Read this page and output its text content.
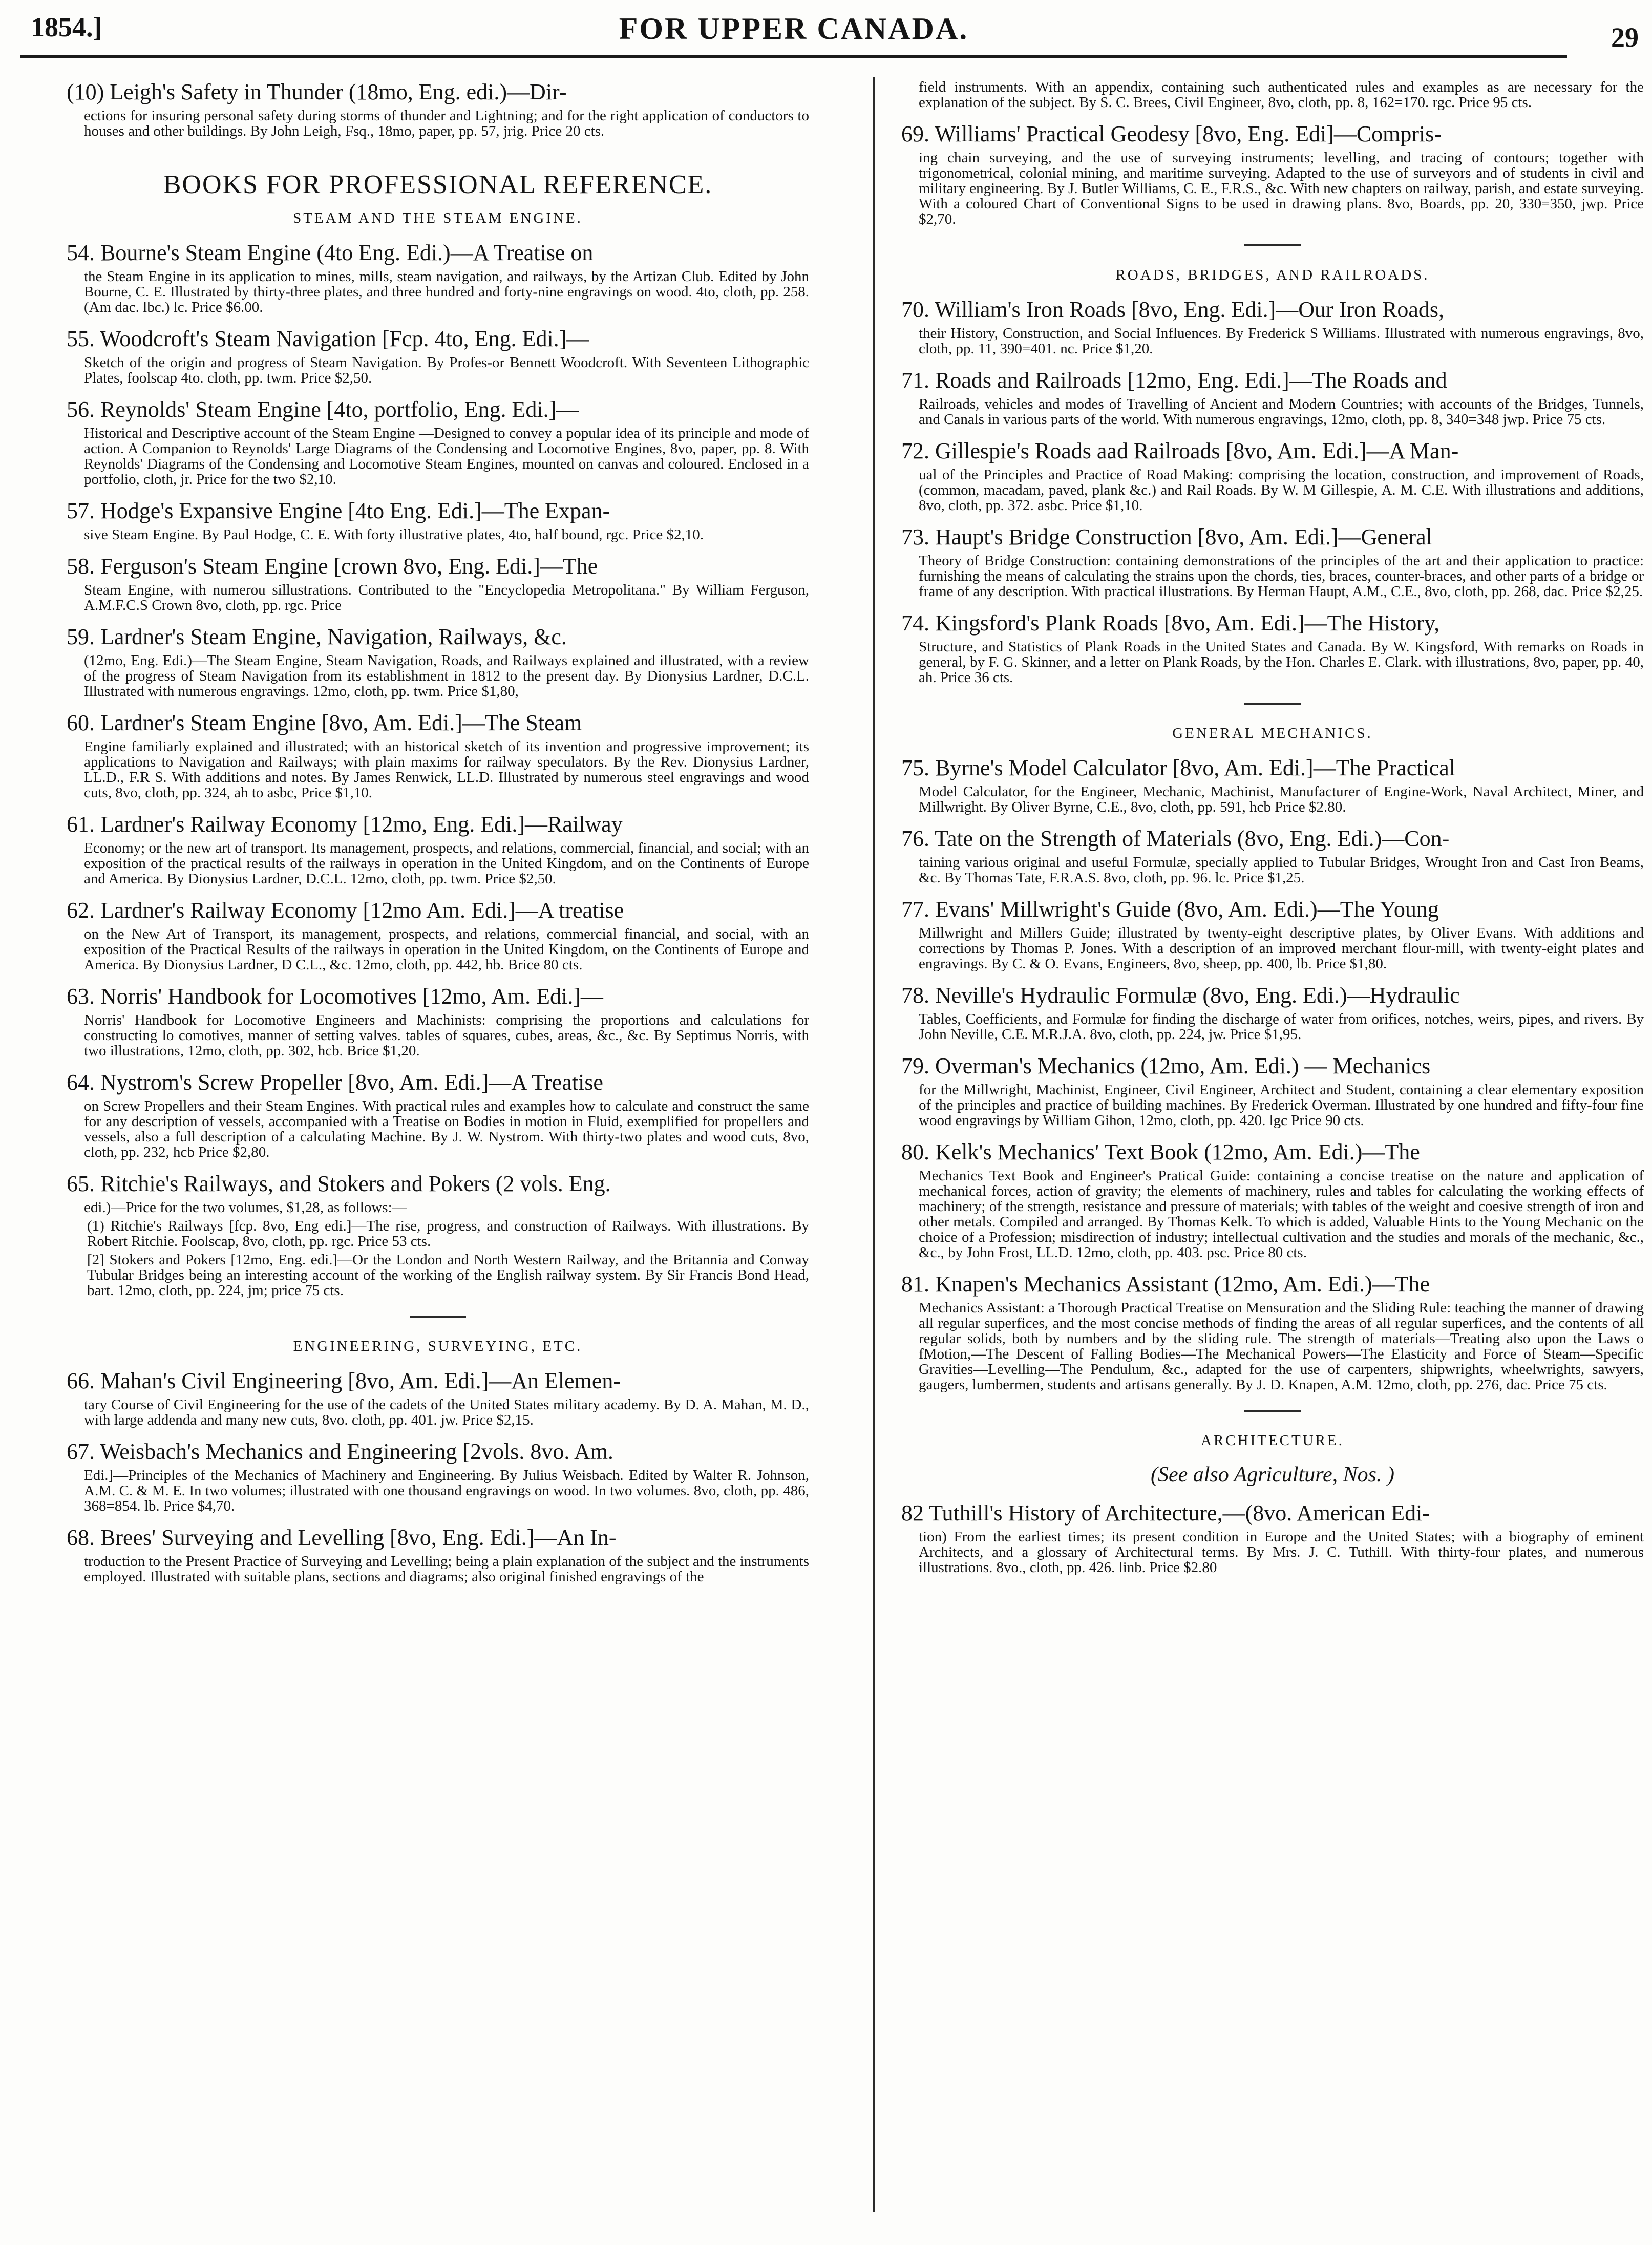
1854.]	FOR UPPER CANADA.	29
(10) Leigh's Safety in Thunder (18mo, Eng. edi.)—Dir-

ections for insuring personal safety during storms of thunder and Lightning; and for the right application of conductors to houses and other buildings. By John Leigh, Fsq., 18mo, paper, pp. 57, jrig. Price 20 cts.

BOOKS FOR PROFESSIONAL REFERENCE.
STEAM AND THE STEAM ENGINE.
54. Bourne's Steam Engine (4to Eng. Edi.)—A Treatise on

the Steam Engine in its application to mines, mills, steam navigation, and railways, by the Artizan Club. Edited by John Bourne, C. E. Illustrated by thirty-three plates, and three hundred and forty-nine engravings on wood. 4to, cloth, pp. 258. (Am dac. lbc.) lc. Price $6.00.

55. Woodcroft's Steam Navigation [Fcp. 4to, Eng. Edi.]—

Sketch of the origin and progress of Steam Navigation. By Profes-or Bennett Woodcroft. With Seventeen Lithographic Plates, foolscap 4to. cloth, pp. twm. Price $2,50.

56. Reynolds' Steam Engine [4to, portfolio, Eng. Edi.]—

Historical and Descriptive account of the Steam Engine —Designed to convey a popular idea of its principle and mode of action. A Companion to Reynolds' Large Diagrams of the Condensing and Locomotive Engines, 8vo, paper, pp. 8. With Reynolds' Diagrams of the Condensing and Locomotive Steam Engines, mounted on canvas and coloured. Enclosed in a portfolio, cloth, jr. Price for the two $2,10.

57. Hodge's Expansive Engine [4to Eng. Edi.]—The Expan-

sive Steam Engine. By Paul Hodge, C. E. With forty illustrative plates, 4to, half bound, rgc. Price $2,10.

58. Ferguson's Steam Engine [crown 8vo, Eng. Edi.]—The

Steam Engine, with numerou sillustrations. Contributed to the "Encyclopedia Metropolitana." By William Ferguson, A.M.F.C.S Crown 8vo, cloth, pp. rgc. Price

59. Lardner's Steam Engine, Navigation, Railways, &c.

(12mo, Eng. Edi.)—The Steam Engine, Steam Navigation, Roads, and Railways explained and illustrated, with a review of the progress of Steam Navigation from its establishment in 1812 to the present day. By Dionysius Lardner, D.C.L. Illustrated with numerous engravings. 12mo, cloth, pp. twm. Price $1,80,

60. Lardner's Steam Engine [8vo, Am. Edi.]—The Steam

Engine familiarly explained and illustrated; with an historical sketch of its invention and progressive improvement; its applications to Navigation and Railways; with plain maxims for railway speculators. By the Rev. Dionysius Lardner, LL.D., F.R S. With additions and notes. By James Renwick, LL.D. Illustrated by numerous steel engravings and wood cuts, 8vo, cloth, pp. 324, ah to asbc, Price $1,10.

61. Lardner's Railway Economy [12mo, Eng. Edi.]—Railway

Economy; or the new art of transport. Its management, prospects, and relations, commercial, financial, and social; with an exposition of the practical results of the railways in operation in the United Kingdom, and on the Continents of Europe and America. By Dionysius Lardner, D.C.L. 12mo, cloth, pp. twm. Price $2,50.

62. Lardner's Railway Economy [12mo Am. Edi.]—A treatise

on the New Art of Transport, its management, prospects, and relations, commercial financial, and social, with an exposition of the Practical Results of the railways in operation in the United Kingdom, on the Continents of Europe and America. By Dionysius Lardner, D C.L., &c. 12mo, cloth, pp. 442, hb. Brice 80 cts.

63. Norris' Handbook for Locomotives [12mo, Am. Edi.]—

Norris' Handbook for Locomotive Engineers and Machinists: comprising the proportions and calculations for constructing lo comotives, manner of setting valves. tables of squares, cubes, areas, &c., &c. By Septimus Norris, with two illustrations, 12mo, cloth, pp. 302, hcb. Brice $1,20.

64. Nystrom's Screw Propeller [8vo, Am. Edi.]—A Treatise

on Screw Propellers and their Steam Engines. With practical rules and examples how to calculate and construct the same for any description of vessels, accompanied with a Treatise on Bodies in motion in Fluid, exemplified for propellers and vessels, also a full description of a calculating Machine. By J. W. Nystrom. With thirty-two plates and wood cuts, 8vo, cloth, pp. 232, hcb Price $2,80.

65. Ritchie's Railways, and Stokers and Pokers (2 vols. Eng.

edi.)—Price for the two volumes, $1,28, as follows:—

(1) Ritchie's Railways [fcp. 8vo, Eng edi.]—The rise, progress, and construction of Railways. With illustrations. By Robert Ritchie. Foolscap, 8vo, cloth, pp. rgc. Price 53 cts.

[2] Stokers and Pokers [12mo, Eng. edi.]—Or the London and North Western Railway, and the Britannia and Conway Tubular Bridges being an interesting account of the working of the English railway system. By Sir Francis Bond Head, bart. 12mo, cloth, pp. 224, jm; price 75 cts.

ENGINEERING, SURVEYING, ETC.
66. Mahan's Civil Engineering [8vo, Am. Edi.]—An Elemen-

tary Course of Civil Engineering for the use of the cadets of the United States military academy. By D. A. Mahan, M. D., with large addenda and many new cuts, 8vo. cloth, pp. 401. jw. Price $2,15.

67. Weisbach's Mechanics and Engineering [2vols. 8vo. Am.

Edi.]—Principles of the Mechanics of Machinery and Engineering. By Julius Weisbach. Edited by Walter R. Johnson, A.M. C. & M. E. In two volumes; illustrated with one thousand engravings on wood. In two volumes. 8vo, cloth, pp. 486, 368=854. lb. Price $4,70.

68. Brees' Surveying and Levelling [8vo, Eng. Edi.]—An In-

troduction to the Present Practice of Surveying and Levelling; being a plain explanation of the subject and the instruments employed. Illustrated with suitable plans, sections and diagrams; also original finished engravings of the

field instruments. With an appendix, containing such authenticated rules and examples as are necessary for the explanation of the subject. By S. C. Brees, Civil Engineer, 8vo, cloth, pp. 8, 162=170. rgc. Price 95 cts.
69. Williams' Practical Geodesy [8vo, Eng. Edi]—Compris-

ing chain surveying, and the use of surveying instruments; levelling, and tracing of contours; together with trigonometrical, colonial mining, and maritime surveying. Adapted to the use of surveyors and of students in civil and military engineering. By J. Butler Williams, C. E., F.R.S., &c. With new chapters on railway, parish, and estate surveying. With a coloured Chart of Conventional Signs to be used in drawing plans. 8vo, Boards, pp. 20, 330=350, jwp. Price $2,70.

ROADS, BRIDGES, AND RAILROADS.
70. William's Iron Roads [8vo, Eng. Edi.]—Our Iron Roads,

their History, Construction, and Social Influences. By Frederick S Williams. Illustrated with numerous engravings, 8vo, cloth, pp. 11, 390=401. nc. Price $1,20.

71. Roads and Railroads [12mo, Eng. Edi.]—The Roads and

Railroads, vehicles and modes of Travelling of Ancient and Modern Countries; with accounts of the Bridges, Tunnels, and Canals in various parts of the world. With numerous engravings, 12mo, cloth, pp. 8, 340=348 jwp. Price 75 cts.

72. Gillespie's Roads aad Railroads [8vo, Am. Edi.]—A Man-

ual of the Principles and Practice of Road Making: comprising the location, construction, and improvement of Roads, (common, macadam, paved, plank &c.) and Rail Roads. By W. M Gillespie, A. M. C.E. With illustrations and additions, 8vo, cloth, pp. 372. asbc. Price $1,10.

73. Haupt's Bridge Construction [8vo, Am. Edi.]—General

Theory of Bridge Construction: containing demonstrations of the principles of the art and their application to practice: furnishing the means of calculating the strains upon the chords, ties, braces, counter-braces, and other parts of a bridge or frame of any description. With practical illustrations. By Herman Haupt, A.M., C.E., 8vo, cloth, pp. 268, dac. Price $2,25.

74. Kingsford's Plank Roads [8vo, Am. Edi.]—The History,

Structure, and Statistics of Plank Roads in the United States and Canada. By W. Kingsford, With remarks on Roads in general, by F. G. Skinner, and a letter on Plank Roads, by the Hon. Charles E. Clark. with illustrations, 8vo, paper, pp. 40, ah. Price 36 cts.

GENERAL MECHANICS.
75. Byrne's Model Calculator [8vo, Am. Edi.]—The Practical

Model Calculator, for the Engineer, Mechanic, Machinist, Manufacturer of Engine-Work, Naval Architect, Miner, and Millwright. By Oliver Byrne, C.E., 8vo, cloth, pp. 591, hcb Price $2.80.

76. Tate on the Strength of Materials (8vo, Eng. Edi.)—Con-

taining various original and useful Formulæ, specially applied to Tubular Bridges, Wrought Iron and Cast Iron Beams, &c. By Thomas Tate, F.R.A.S. 8vo, cloth, pp. 96. lc. Price $1,25.

77. Evans' Millwright's Guide (8vo, Am. Edi.)—The Young

Millwright and Millers Guide; illustrated by twenty-eight descriptive plates, by Oliver Evans. With additions and corrections by Thomas P. Jones. With a description of an improved merchant flour-mill, with twenty-eight plates and engravings. By C. & O. Evans, Engineers, 8vo, sheep, pp. 400, lb. Price $1,80.

78. Neville's Hydraulic Formulæ (8vo, Eng. Edi.)—Hydraulic

Tables, Coefficients, and Formulæ for finding the discharge of water from orifices, notches, weirs, pipes, and rivers. By John Neville, C.E. M.R.J.A. 8vo, cloth, pp. 224, jw. Price $1,95.

79. Overman's Mechanics (12mo, Am. Edi.) — Mechanics

for the Millwright, Machinist, Engineer, Civil Engineer, Architect and Student, containing a clear elementary exposition of the principles and practice of building machines. By Frederick Overman. Illustrated by one hundred and fifty-four fine wood engravings by William Gihon, 12mo, cloth, pp. 420. lgc Price 90 cts.

80. Kelk's Mechanics' Text Book (12mo, Am. Edi.)—The

Mechanics Text Book and Engineer's Pratical Guide: containing a concise treatise on the nature and application of mechanical forces, action of gravity; the elements of machinery, rules and tables for calculating the working effects of machinery; of the strength, resistance and pressure of materials; with tables of the weight and coesive strength of iron and other metals. Compiled and arranged. By Thomas Kelk. To which is added, Valuable Hints to the Young Mechanic on the choice of a Profession; misdirection of industry; intellectual cultivation and the studies and morals of the mechanic, &c., &c., by John Frost, LL.D. 12mo, cloth, pp. 403. psc. Price 80 cts.

81. Knapen's Mechanics Assistant (12mo, Am. Edi.)—The

Mechanics Assistant: a Thorough Practical Treatise on Mensuration and the Sliding Rule: teaching the manner of drawing all regular superfices, and the most concise methods of finding the areas of all regular superfices, and the contents of all regular solids, both by numbers and by the sliding rule. The strength of materials—Treating also upon the Laws o fMotion,—The Descent of Falling Bodies—The Mechanical Powers—The Elasticity and Force of Steam—Specific Gravities—Levelling—The Pendulum, &c., adapted for the use of carpenters, shipwrights, wheelwrights, sawyers, gaugers, lumbermen, students and artisans generally. By J. D. Knapen, A.M. 12mo, cloth, pp. 276, dac. Price 75 cts.

ARCHITECTURE.
(See also Agriculture, Nos. )
82 Tuthill's History of Architecture,—(8vo. American Edi-

tion) From the earliest times; its present condition in Europe and the United States; with a biography of eminent Architects, and a glossary of Architectural terms. By Mrs. J. C. Tuthill. With thirty-four plates, and numerous illustrations. 8vo., cloth, pp. 426. linb. Price $2.80
